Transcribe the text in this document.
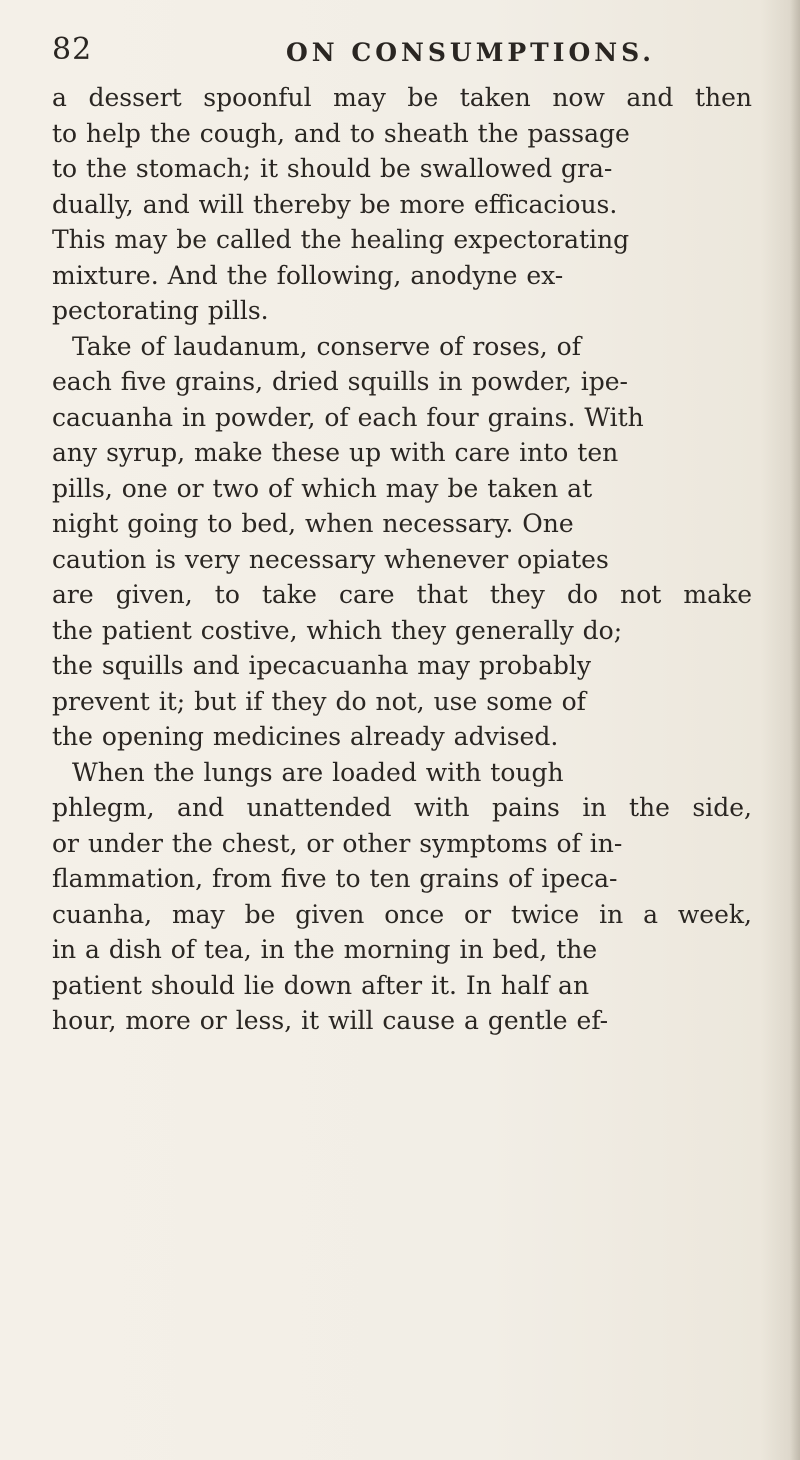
82	ON CONSUMPTIONS.
a dessert spoonful may be taken now and then
to help the cough, and to sheath the passage
to the stomach; it should be swallowed gra-
dually, and will thereby be more efficacious.
This may be called the healing expectorating
mixture. And the following, anodyne ex-
pectorating pills.
Take of laudanum, conserve of roses, of
each five grains, dried squills in powder, ipe-
cacuanha in powder, of each four grains. With
any syrup, make these up with care into ten
pills, one or two of which may be taken at
night going to bed, when necessary. One
caution is very necessary whenever opiates
are given, to take care that they do not make
the patient costive, which they generally do;
the squills and ipecacuanha may probably
prevent it; but if they do not, use some of
the opening medicines already advised.
When the lungs are loaded with tough
phlegm, and unattended with pains in the side,
or under the chest, or other symptoms of in-
flammation, from five to ten grains of ipeca-
cuanha, may be given once or twice in a week,
in a dish of tea, in the morning in bed, the
patient should lie down after it. In half an
hour, more or less, it will cause a gentle ef-
